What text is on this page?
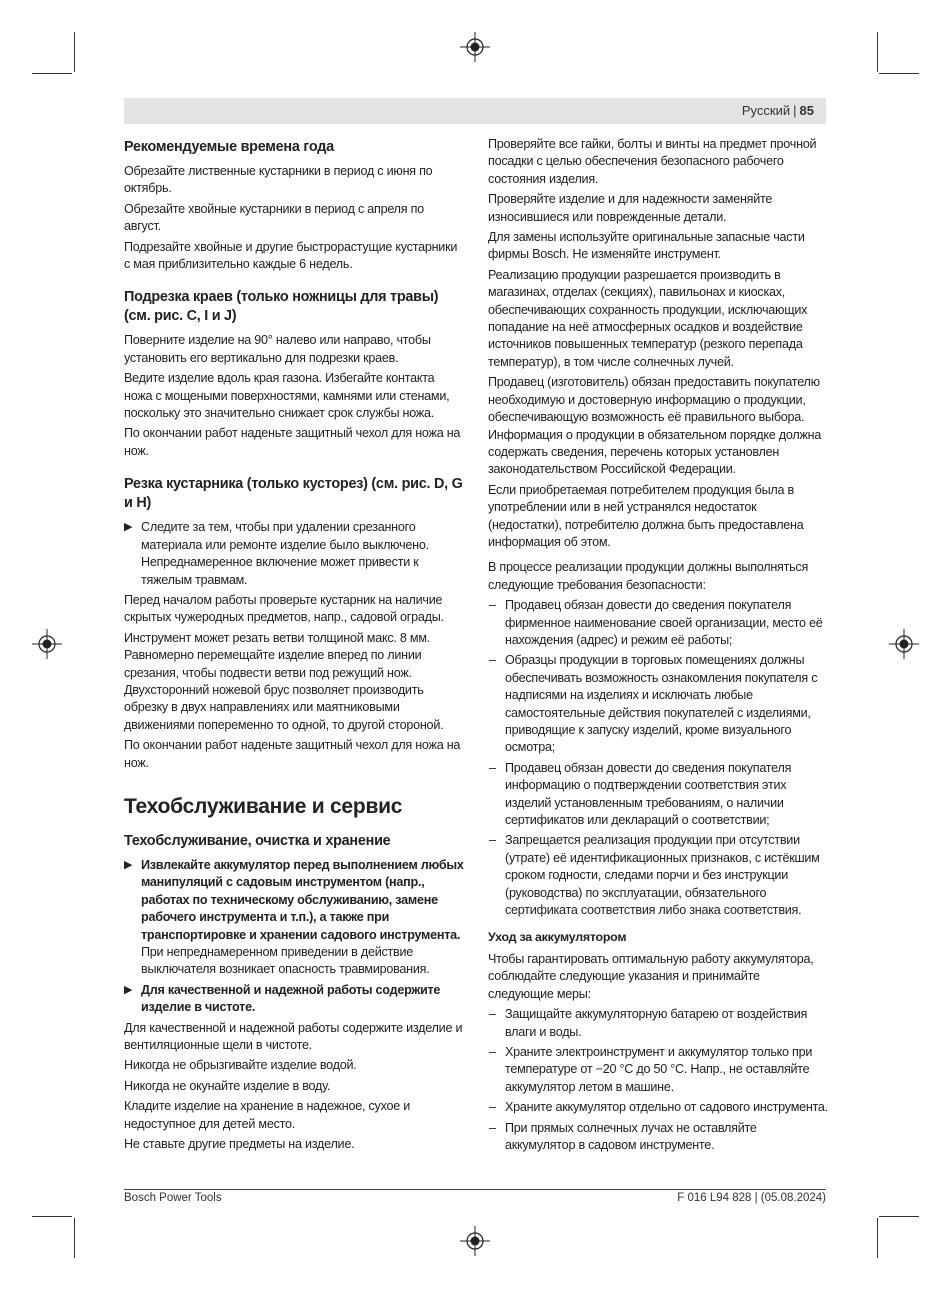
Русский | 85
Рекомендуемые времена года

Обрезайте лиственные кустарники в период с июня по октябрь.

Обрезайте хвойные кустарники в период с апреля по август.

Подрезайте хвойные и другие быстрорастущие кустарники с мая приблизительно каждые 6 недель.

Подрезка краев (только ножницы для травы) (см. рис. C, I и J)

Поверните изделие на 90° налево или направо, чтобы установить его вертикально для подрезки краев.

Ведите изделие вдоль края газона. Избегайте контакта ножа с мощеными поверхностями, камнями или стенами, поскольку это значительно снижает срок службы ножа.

По окончании работ наденьте защитный чехол для ножа на нож.

Резка кустарника (только кусторез) (см. рис. D, G и H)
▶ Следите за тем, чтобы при удалении срезанного материала или ремонте изделие было выключено. Непреднамеренное включение может привести к тяжелым травмам.

Перед началом работы проверьте кустарник на наличие скрытых чужеродных предметов, напр., садовой ограды.

Инструмент может резать ветви толщиной макс. 8 мм. Равномерно перемещайте изделие вперед по линии срезания, чтобы подвести ветви под режущий нож. Двухсторонний ножевой брус позволяет производить обрезку в двух направлениях или маятниковыми движениями попеременно то одной, то другой стороной.

По окончании работ наденьте защитный чехол для ножа на нож.

Техобслуживание и сервис
Техобслуживание, очистка и хранение
▶ Извлекайте аккумулятор перед выполнением любых манипуляций с садовым инструментом (напр., работах по техническому обслуживанию, замене рабочего инструмента и т.п.), а также при транспортировке и хранении садового инструмента. При непреднамеренном приведении в действие выключателя возникает опасность травмирования.
▶ Для качественной и надежной работы содержите изделие в чистоте.

Для качественной и надежной работы содержите изделие и вентиляционные щели в чистоте.

Никогда не обрызгивайте изделие водой.

Никогда не окунайте изделие в воду.

Кладите изделие на хранение в надежное, сухое и недоступное для детей место.

Не ставьте другие предметы на изделие.

Проверяйте все гайки, болты и винты на предмет прочной посадки с целью обеспечения безопасного рабочего состояния изделия.

Проверяйте изделие и для надежности заменяйте износившиеся или поврежденные детали.

Для замены используйте оригинальные запасные части фирмы Bosch. Не изменяйте инструмент.

Реализацию продукции разрешается производить в магазинах, отделах (секциях), павильонах и киосках, обеспечивающих сохранность продукции, исключающих попадание на неё атмосферных осадков и воздействие источников повышенных температур (резкого перепада температур), в том числе солнечных лучей.

Продавец (изготовитель) обязан предоставить покупателю необходимую и достоверную информацию о продукции, обеспечивающую возможность её правильного выбора. Информация о продукции в обязательном порядке должна содержать сведения, перечень которых установлен законодательством Российской Федерации.

Если приобретаемая потребителем продукция была в употреблении или в ней устранялся недостаток (недостатки), потребителю должна быть предоставлена информация об этом.

В процессе реализации продукции должны выполняться следующие требования безопасности:

– Продавец обязан довести до сведения покупателя фирменное наименование своей организации, место её нахождения (адрес) и режим её работы;
– Образцы продукции в торговых помещениях должны обеспечивать возможность ознакомления покупателя с надписями на изделиях и исключать любые самостоятельные действия покупателей с изделиями, приводящие к запуску изделий, кроме визуального осмотра;
– Продавец обязан довести до сведения покупателя информацию о подтверждении соответствия этих изделий установленным требованиям, о наличии сертификатов или деклараций о соответствии;
– Запрещается реализация продукции при отсутствии (утрате) её идентификационных признаков, с истёкшим сроком годности, следами порчи и без инструкции (руководства) по эксплуатации, обязательного сертификата соответствия либо знака соответствия.
Уход за аккумулятором

Чтобы гарантировать оптимальную работу аккумулятора, соблюдайте следующие указания и принимайте следующие меры:

– Защищайте аккумуляторную батарею от воздействия влаги и воды.
– Храните электроинструмент и аккумулятор только при температуре от −20 °C до 50 °C. Напр., не оставляйте аккумулятор летом в машине.
– Храните аккумулятор отдельно от садового инструмента.
– При прямых солнечных лучах не оставляйте аккумулятор в садовом инструменте.
Bosch Power Tools	F 016 L94 828 | (05.08.2024)
